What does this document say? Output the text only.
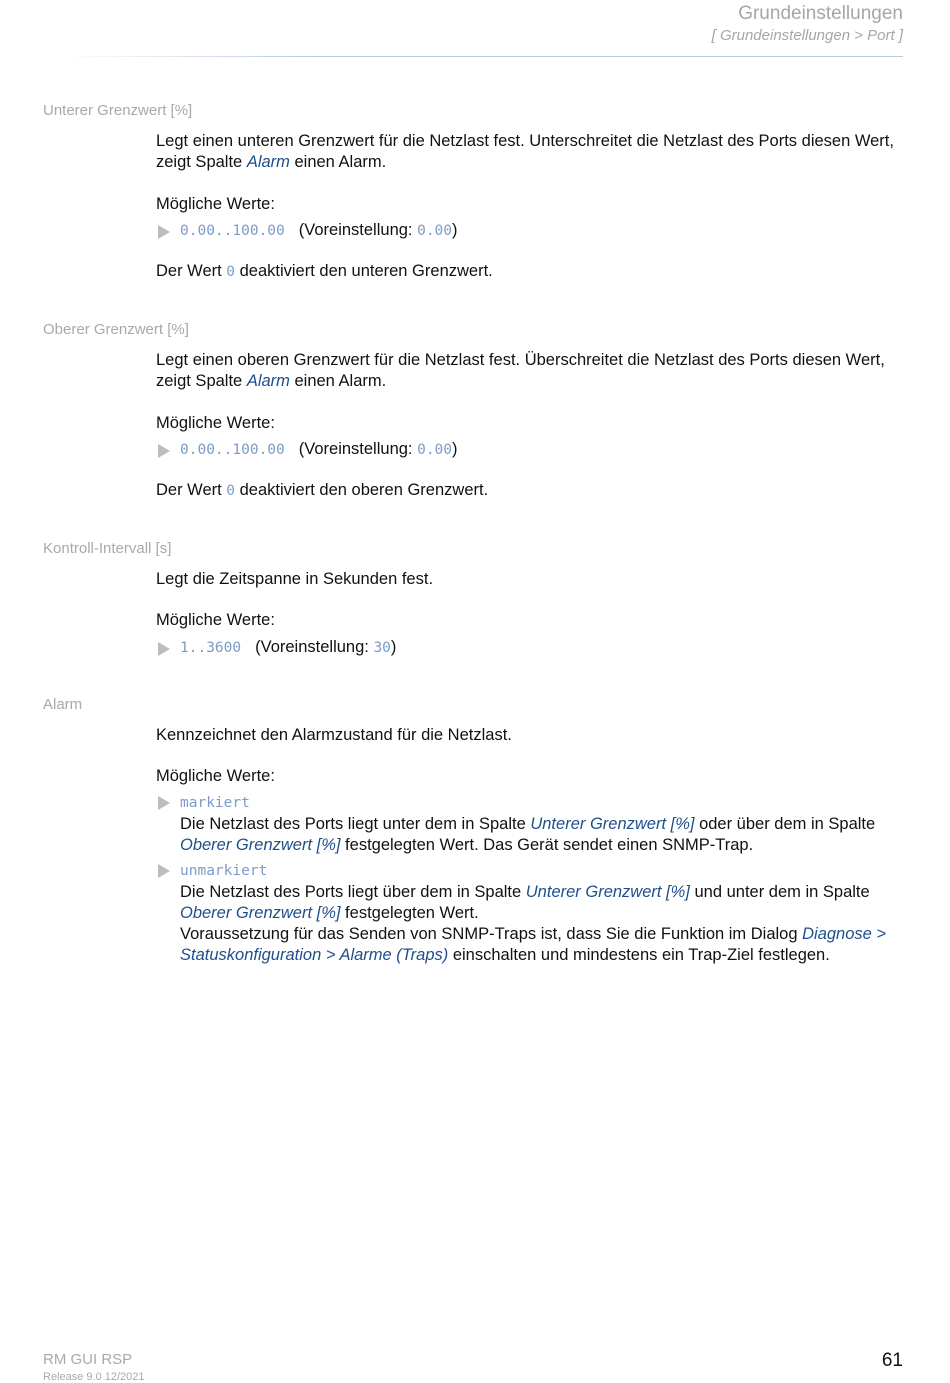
Grundeinstellungen
[ Grundeinstellungen > Port ]
Unterer Grenzwert [%]

Legt einen unteren Grenzwert für die Netzlast fest. Unterschreitet die Netzlast des Ports diesen Wert, zeigt Spalte Alarm einen Alarm.

Mögliche Werte:

0.00..100.00 (Voreinstellung: 0.00)

Der Wert 0 deaktiviert den unteren Grenzwert.

Oberer Grenzwert [%]

Legt einen oberen Grenzwert für die Netzlast fest. Überschreitet die Netzlast des Ports diesen Wert, zeigt Spalte Alarm einen Alarm.

Mögliche Werte:

0.00..100.00 (Voreinstellung: 0.00)

Der Wert 0 deaktiviert den oberen Grenzwert.

Kontroll-Intervall [s]

Legt die Zeitspanne in Sekunden fest.

Mögliche Werte:

1..3600 (Voreinstellung: 30)
Alarm

Kennzeichnet den Alarmzustand für die Netzlast.

Mögliche Werte:

markiert
Die Netzlast des Ports liegt unter dem in Spalte Unterer Grenzwert [%] oder über dem in Spalte Oberer Grenzwert [%] festgelegten Wert. Das Gerät sendet einen SNMP-Trap.
unmarkiert
Die Netzlast des Ports liegt über dem in Spalte Unterer Grenzwert [%] und unter dem in Spalte Oberer Grenzwert [%] festgelegten Wert.
Voraussetzung für das Senden von SNMP-Traps ist, dass Sie die Funktion im Dialog Diagnose > Statuskonfiguration > Alarme (Traps) einschalten und mindestens ein Trap-Ziel festlegen.
RM GUI RSP
Release 9.0 12/2021
61
